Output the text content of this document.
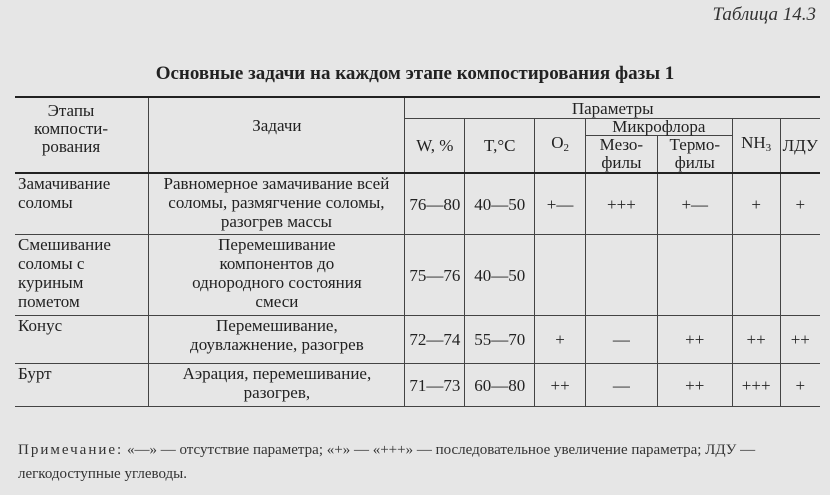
Таблица 14.3
Основные задачи на каждом этапе компостирования фазы 1
Этапы компости-рования	Задачи	Параметры						
		W, %	T,°C	$O_2$	Микрофлора		$NH_3$	ЛДУ

					Мезо-филы	Термо-филы		

Замачивание соломы	Равномерное замачивание всей соломы, размягчение соломы, разогрев массы	76—80	40—50	+—	+++	+—	+	+

Смешивание соломы с куриным пометом	Перемешивание компонентов до однородного состояния смеси	75—76	40—50					
Конус	Перемешивание, доувлажнение, разогрев	72—74	55—70	+	—	++	++	++
Бурт	Аэрация, перемешивание, разогрев,	71—73	60—80	++	—	++	+++	+
Примечание: «—» — отсутствие параметра; «+» — «+++» — последовательное увеличение параметра; ЛДУ — легкодоступные углеводы.
